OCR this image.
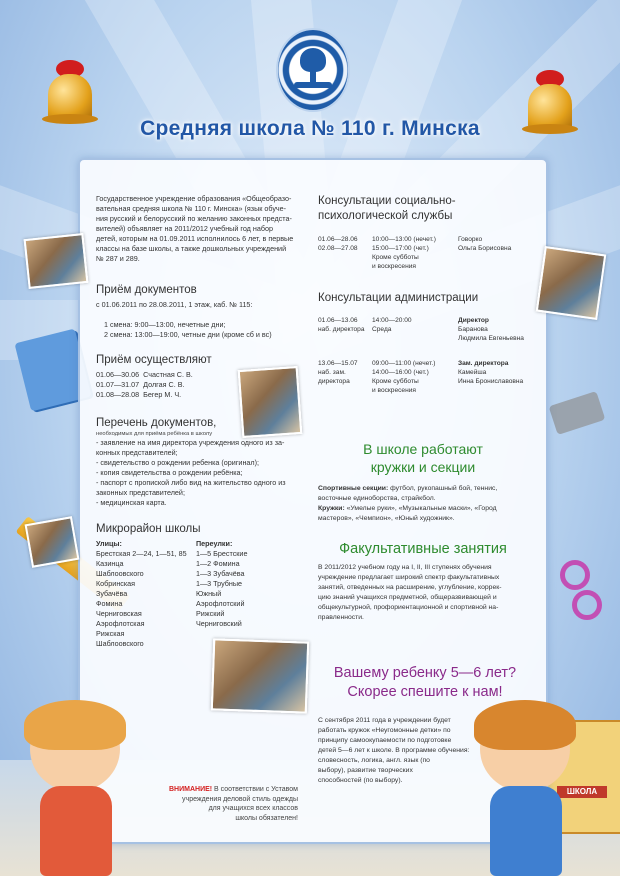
Средняя школа № 110 г. Минска
ШКОЛА
Государственное учреждение образования «Общеобразо-
вательная средняя школа № 110 г. Минска» (язык обуче-
ния русский и белорусский по желанию законных предста-
вителей) объявляет на 2011/2012 учебный год набор
детей, которым на 01.09.2011 исполнилось 6 лет, в первые
классы на базе школы, а также дошкольных учреждений
№ 287 и 289.
Приём документов
с 01.06.2011 по 28.08.2011, 1 этаж, каб. № 115:

1 смена: 9:00—13:00, нечетные дни;
2 смена: 13:00—19:00, четные дни (кроме сб и вс)
Приём осуществляют
01.06—30.06 Счастная С. В.
01.07—31.07 Долгая С. В.
01.08—28.08 Бегер М. Ч.
Перечень документов,
необходимых для приёма ребёнка в школу
- заявление на имя директора учреждения одного из за-
конных представителей;
- свидетельство о рождении ребенка (оригинал);
- копия свидетельства о рождении ребёнка;
- паспорт с пропиской либо вид на жительство одного из
законных представителей;
- медицинская карта.
Микрорайон школы
Улицы:
Брестская 2—24, 1—51, 85
Казинца
Шаблоовского
Кобринская
Зубачёва
Фомина
Черниговская
Аэрофлотская
Рижская
Шаблоовского
Переулки:
1—5 Брестские
1—2 Фомина
1—3 Зубачёва
1—3 Трубные
Южный
Аэрофлотский
Рижский
Черниговский
Консультации социально-
психологической службы
01.06—28.06
02.08—27.08
10:00—13:00 (нечет.)
15:00—17:00 (чет.)
Кроме субботы
и воскресения
Говорко
Ольга Борисовна
Консультации администрации
01.06—13.06
наб. директора
14:00—20:00
Среда
Директор
Баранова
Людмила Евгеньевна
13.06—15.07
наб. зам.
директора
09:00—11:00 (нечет.)
14:00—16:00 (чет.)
Кроме субботы
и воскресения
Зам. директора
Камейша
Инна Брониславовна
В школе работают
кружки и секции
Спортивные секции: футбол, рукопашный бой, теннис,
восточные единоборства, страйкбол.
Кружки: «Умелые руки», «Музыкальные маски», «Город
мастеров», «Чемпион», «Юный художник».
Факультативные занятия
В 2011/2012 учебном году на I, II, III ступенях обучения
учреждение предлагает широкий спектр факультативных
занятий, отведенных на расширение, углубление, коррек-
цию знаний учащихся предметной, общеразвивающей и
общекультурной, профориентационной и спортивной на-
правленности.
Вашему ребенку 5—6 лет?
Скорее спешите к нам!
С сентября 2011 года в учреждении будет
работать кружок «Неугомонные детки» по
принципу самоокупаемости по подготовке
детей 5—6 лет к школе. В программе обучения:
словесность, логика, англ. язык (по
выбору), развитие творческих
способностей (по выбору).
ВНИМАНИЕ! В соответствии с Уставом
учреждения деловой стиль одежды
для учащихся всех классов
школы обязателен!
